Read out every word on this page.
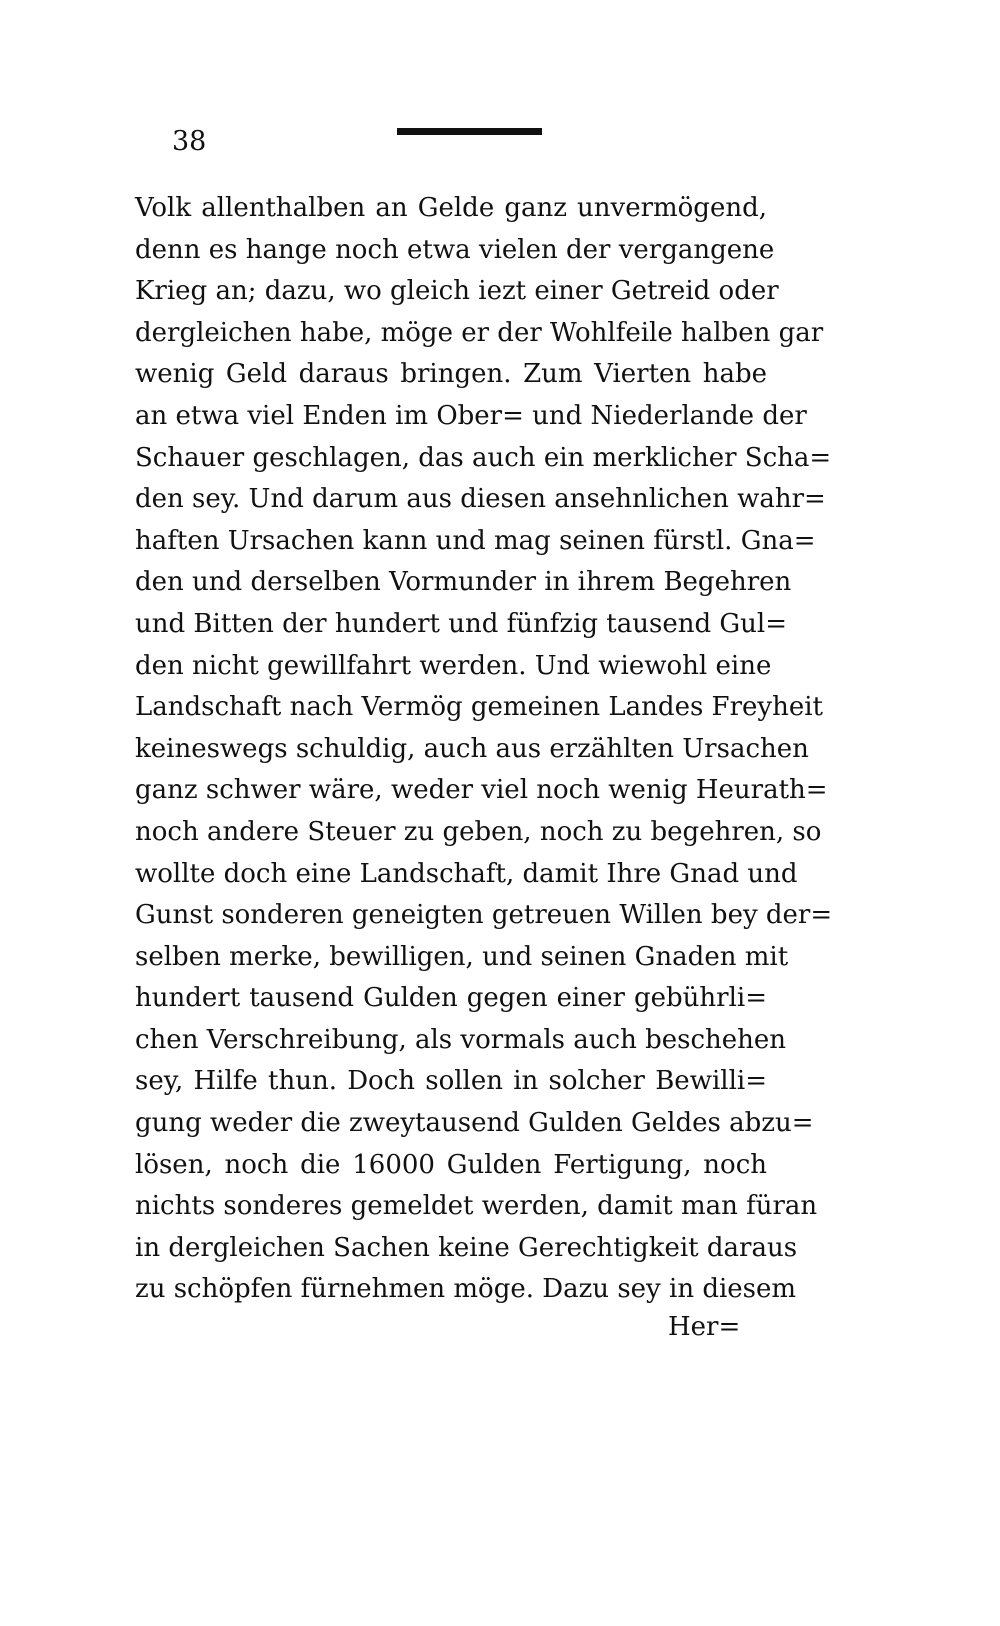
38
Volk allenthalben an Gelde ganz unvermögend,
denn es hange noch etwa vielen der vergangene
Krieg an; dazu, wo gleich iezt einer Getreid oder
dergleichen habe, möge er der Wohlfeile halben gar
wenig Geld daraus bringen. Zum Vierten habe
an etwa viel Enden im Ober= und Niederlande der
Schauer geschlagen, das auch ein merklicher Scha=
den sey. Und darum aus diesen ansehnlichen wahr=
haften Ursachen kann und mag seinen fürstl. Gna=
den und derselben Vormunder in ihrem Begehren
und Bitten der hundert und fünfzig tausend Gul=
den nicht gewillfahrt werden. Und wiewohl eine
Landschaft nach Vermög gemeinen Landes Freyheit
keineswegs schuldig, auch aus erzählten Ursachen
ganz schwer wäre, weder viel noch wenig Heurath=
noch andere Steuer zu geben, noch zu begehren, so
wollte doch eine Landschaft, damit Ihre Gnad und
Gunst sonderen geneigten getreuen Willen bey der=
selben merke, bewilligen, und seinen Gnaden mit
hundert tausend Gulden gegen einer gebührli=
chen Verschreibung, als vormals auch beschehen
sey, Hilfe thun. Doch sollen in solcher Bewilli=
gung weder die zweytausend Gulden Geldes abzu=
lösen, noch die 16000 Gulden Fertigung, noch
nichts sonderes gemeldet werden, damit man füran
in dergleichen Sachen keine Gerechtigkeit daraus
zu schöpfen fürnehmen möge. Dazu sey in diesem
Her=
